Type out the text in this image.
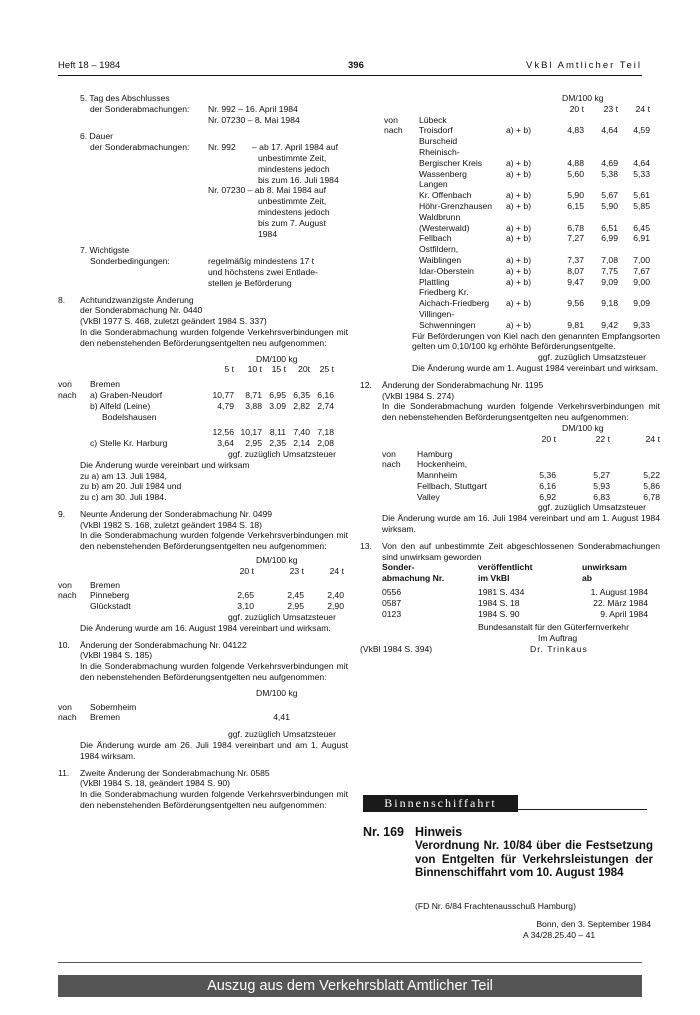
Heft 18 – 1984	396	VkBl Amtlicher Teil
5. Tag des Abschlusses
der Sonderabmachungen: Nr. 992 – 16. April 1984
Nr. 07230 – 8. Mai 1984
6. Dauer
der Sonderabmachungen: Nr. 992 – ab 17. April 1984 auf
unbestimmte Zeit,
mindestens jedoch
bis zum 16. Juli 1984
Nr. 07230 – ab 8. Mai 1984 auf
unbestimmte Zeit,
mindestens jedoch
bis zum 7. August
1984
7. Wichtigste
Sonderbedingungen:	regelmäßig mindestens 17 t
und höchstens zwei Entlade-
stellen je Beförderung
8.	Achtundzwanzigste Änderung
der Sonderabmachung Nr. 0440
(VkBl 1977 S. 468, zuletzt geändert 1984 S. 337)
In die Sonderabmachung wurden folgende Verkehrsverbindungen mit den nebenstehenden Beförderungsentgelten neu aufgenommen:
DM/100 kg
5 t	10 t	15 t	20t	25 t
von Bremen
nach a) Graben-Neudorf	10,77	8,71 6,95 6,35 6,16
b) Alfeld (Leine)	4,79	3,88 3.09 2,82 2,74
Bodelshausen
12,56 10,17 8,11 7,40 7,18
c) Stelle Kr. Harburg	3,64	2,95 2,35 2,14 2,08
ggf. zuzüglich Umsatzsteuer
Die Änderung wurde vereinbart und wirksam
zu a) am 13. Juli 1984,
zu b) am 20. Juli 1984 und
zu c) am 30. Juli 1984.
9.	Neunte Änderung der Sonderabmachung Nr. 0499
(VkBl 1982 S. 168, zuletzt geändert 1984 S. 18)
In die Sonderabmachung wurden folgende Verkehrsverbindungen mit den nebenstehenden Beförderungsentgelten neu aufgenommen:
DM/100 kg
20 t	23 t	24 t
von Bremen
nach Pinneberg	2,65	2,45	2,40
Glückstadt	3,10	2,95	2,90
ggf. zuzüglich Umsatzsteuer
Die Änderung wurde am 16. August 1984 vereinbart und wirksam.
10.	Änderung der Sonderabmachung Nr. 04122
(VkBl 1984 S. 185)
In die Sonderabmachung wurden folgende Verkehrsverbindungen mit den nebenstehenden Beförderungsentgelten neu aufgenommen:
DM/100 kg
von Sobernheim
nach Bremen	4,41
ggf. zuzüglich Umsatzsteuer
Die Änderung wurde am 26. Juli 1984 vereinbart und am 1. August 1984 wirksam.
11.	Zweite Änderung der Sonderabmachung Nr. 0585
(VkBl 1984 S. 18, geändert 1984 S. 90)
In die Sonderabmachung wurden folgende Verkehrsverbindungen mit den nebenstehenden Beförderungsentgelten neu aufgenommen:
DM/100 kg
20 t	23 t	24 t
von Lübeck
nach Troisdorf	a) + b)	4,83	4,64	4,59
Burscheid
Rheinisch-
Bergischer Kreis	a) + b)	4,88	4,69	4,64
Wassenberg	a) + b)	5,60	5,38	5,33
Langen
Kr. Offenbach	a) + b)	5,90	5,67	5,61
Höhr-Grenzhausen a) + b)	6,15	5,90	5,85
Waldbrunn
(Westerwald)	a) + b)	6,78	6,51	6,45
Fellbach	a) + b)	7,27	6,99	6,91
Ostfildern,
Waiblingen	a) + b)	7,37	7,08	7,00
Idar-Oberstein	a) + b)	8,07	7,75	7,67
Plattling	a) + b)	9,47	9,09	9,00
Friedberg Kr.
Aichach-Friedberg a) + b)	9,56	9,18	9,09
Villingen-
Schwenningen	a) + b)	9,81	9,42	9,33
Für Beförderungen von Kiel nach den genannten Empfangsorten gelten um 0,10/100 kg erhöhte Beförderungsentgelte.
ggf. zuzüglich Umsatzsteuer
Die Änderung wurde am 1. August 1984 vereinbart und wirksam.
12.	Änderung der Sonderabmachung Nr. 1195
(VkBl 1984 S. 274)
In die Sonderabmachung wurden folgende Verkehrsverbindungen mit den nebenstehenden Beförderungsentgelten neu aufgenommen:
DM/100 kg
20 t	22 t	24 t
von Hamburg
nach Hockenheim,
Mannheim	5,36	5,27	5,22
Fellbach, Stuttgart	6,16	5,93	5,86
Valley	6,92	6,83	6,78
ggf. zuzüglich Umsatzsteuer
Die Änderung wurde am 16. Juli 1984 vereinbart und am 1. August 1984 wirksam.
13.	Von den auf unbestimmte Zeit abgeschlossenen Sonderabmachungen sind unwirksam geworden
Sonder-	veröffentlicht	unwirksam
abmachung Nr.	im VkBl	ab
0556	1981 S. 434	1. August 1984
0587	1984 S. 18	22. März 1984
0123	1984 S. 90	9. April 1984
Bundesanstalt für den Güterfernverkehr
Im Auftrag
(VkBl 1984 S. 394)	Dr. Trinkaus
Binnenschiffahrt
Nr. 169 Hinweis
Verordnung Nr. 10/84 über die Festsetzung von Entgelten für Verkehrsleistungen der Binnenschiffahrt vom 10. August 1984
(FD Nr. 6/84 Frachtenausschuß Hamburg)
Bonn, den 3. September 1984
A 34/28.25.40 – 41
Auszug aus dem Verkehrsblatt Amtlicher Teil
